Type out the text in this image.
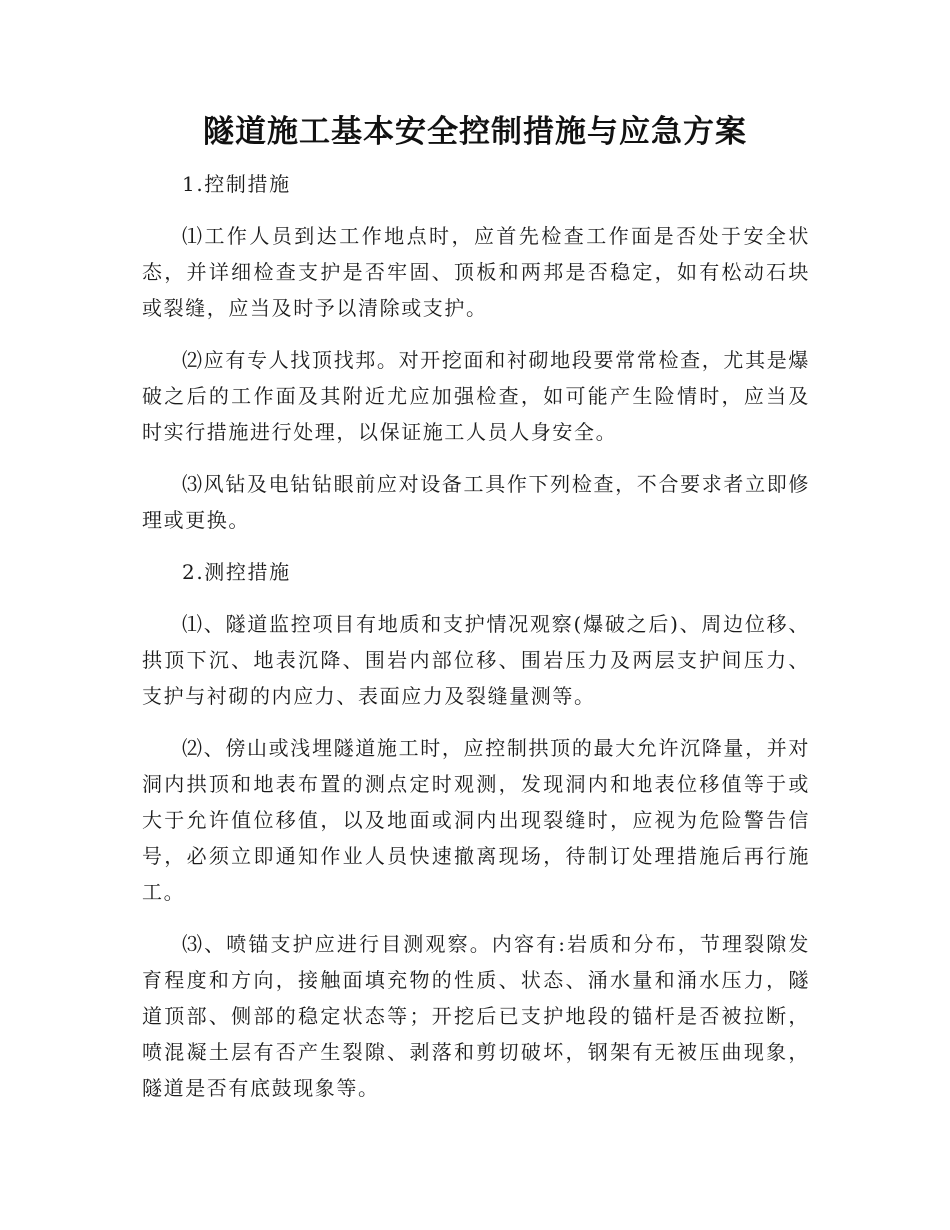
隧道施工基本安全控制措施与应急方案
1.控制措施

⑴工作人员到达工作地点时，应首先检查工作面是否处于安全状态，并详细检查支护是否牢固、顶板和两邦是否稳定，如有松动石块或裂缝，应当及时予以清除或支护。

⑵应有专人找顶找邦。对开挖面和衬砌地段要常常检查，尤其是爆破之后的工作面及其附近尤应加强检查，如可能产生险情时，应当及时实行措施进行处理，以保证施工人员人身安全。

⑶风钻及电钻钻眼前应对设备工具作下列检查，不合要求者立即修理或更换。

2.测控措施

⑴、隧道监控项目有地质和支护情况观察(爆破之后)、周边位移、拱顶下沉、地表沉降、围岩内部位移、围岩压力及两层支护间压力、支护与衬砌的内应力、表面应力及裂缝量测等。

⑵、傍山或浅埋隧道施工时，应控制拱顶的最大允许沉降量，并对洞内拱顶和地表布置的测点定时观测，发现洞内和地表位移值等于或大于允许值位移值，以及地面或洞内出现裂缝时，应视为危险警告信号，必须立即通知作业人员快速撤离现场，待制订处理措施后再行施工。

⑶、喷锚支护应进行目测观察。内容有:岩质和分布，节理裂隙发育程度和方向，接触面填充物的性质、状态、涌水量和涌水压力，隧道顶部、侧部的稳定状态等；开挖后已支护地段的锚杆是否被拉断，喷混凝土层有否产生裂隙、剥落和剪切破坏，钢架有无被压曲现象，隧道是否有底鼓现象等。
